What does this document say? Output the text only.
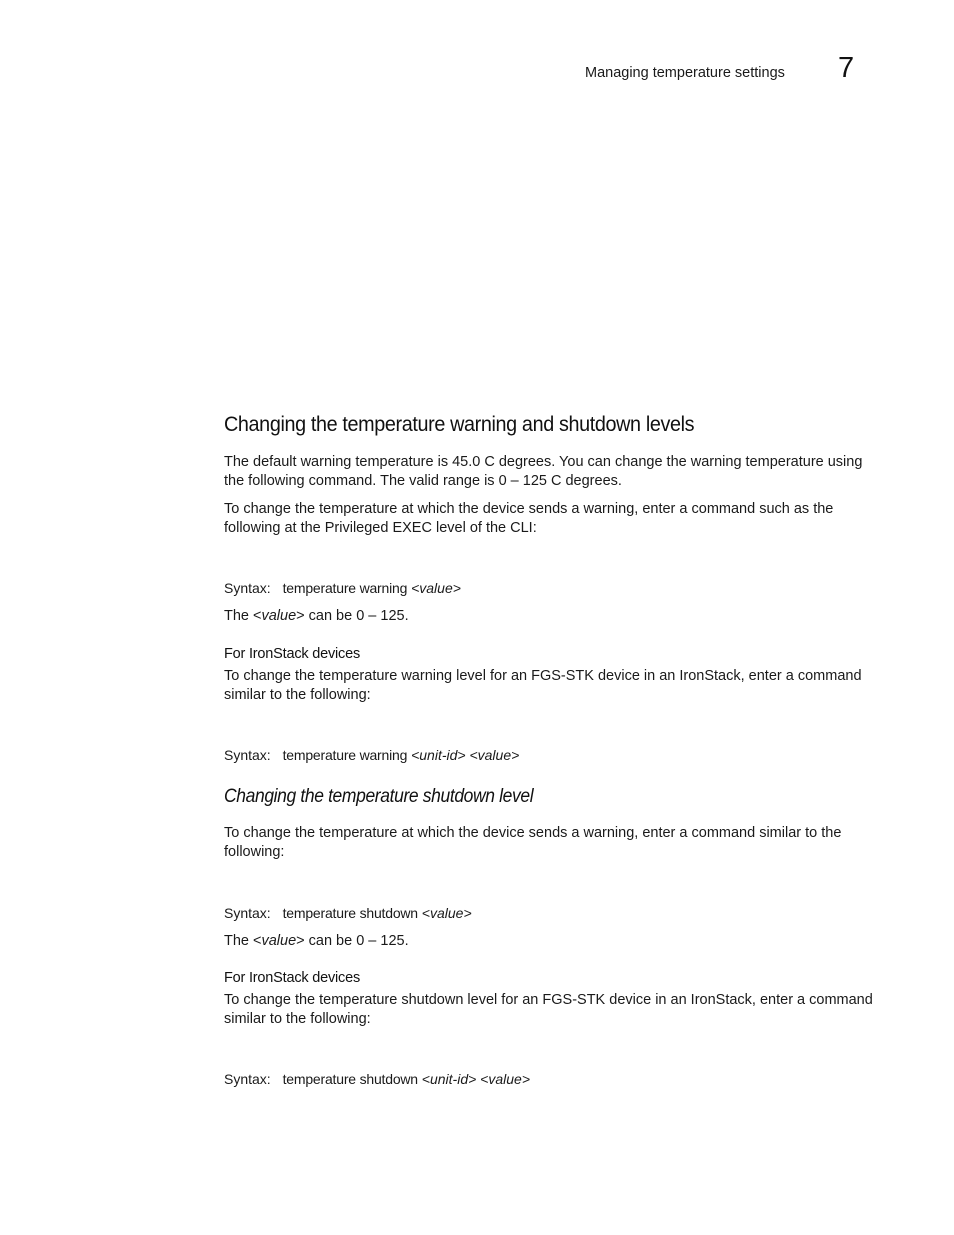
Managing temperature settings 7
Changing the temperature warning and shutdown levels
The default warning temperature is 45.0 C degrees. You can change the warning temperature using the following command. The valid range is 0 – 125 C degrees.
To change the temperature at which the device sends a warning, enter a command such as the following at the Privileged EXEC level of the CLI:
Syntax: temperature warning <value>
The <value> can be 0 – 125.
For IronStack devices
To change the temperature warning level for an FGS-STK device in an IronStack, enter a command similar to the following:
Syntax: temperature warning <unit-id> <value>
Changing the temperature shutdown level
To change the temperature at which the device sends a warning, enter a command similar to the following:
Syntax: temperature shutdown <value>
The <value> can be 0 – 125.
For IronStack devices
To change the temperature shutdown level for an FGS-STK device in an IronStack, enter a command similar to the following:
Syntax: temperature shutdown <unit-id> <value>
